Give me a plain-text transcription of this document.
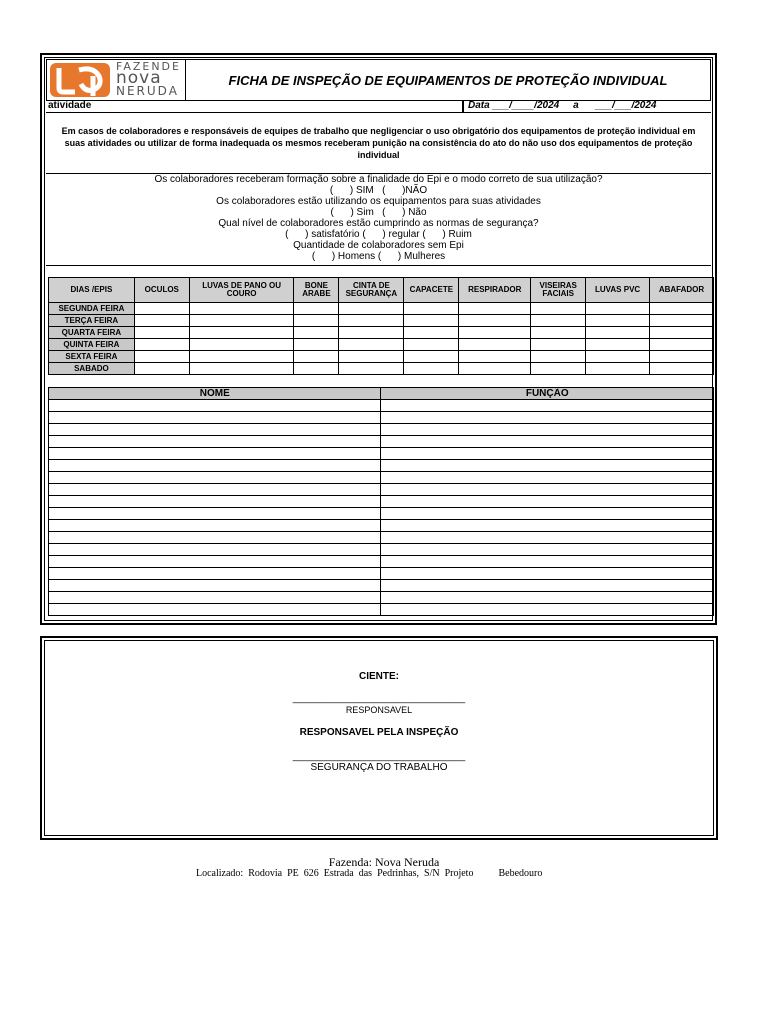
FAZENDE
nova
NERUDA
FICHA DE INSPEÇÃO DE EQUIPAMENTOS DE PROTEÇÃO INDIVIDUAL
atividade	Data ___/____/2024     a      ___/___/2024
Em casos de colaboradores e responsáveis de equipes de trabalho que negligenciar o uso obrigatório dos equipamentos de proteção individual em suas atividades ou utilizar de forma inadequada os mesmos receberam punição na consistência do ato do não uso dos equipamentos de proteção individual
Os colaboradores receberam formação sobre a finalidade do Epi e o modo correto de sua utilização?
(      ) SIM   (      )NÃO
Os colaboradores estão utilizando os equipamentos para suas atividades
(      ) Sim   (      ) Não
Qual nível de colaboradores estão cumprindo as normas de segurança?
(      ) satisfatório (      ) regular (      ) Ruim
Quantidade de colaboradores sem Epi
(      ) Homens (      ) Mulheres
DIAS /EPIS	OCULOS	LUVAS DE PANO OU COURO	BONE ARABE	CINTA DE SEGURANÇA	CAPACETE	RESPIRADOR	VISEIRAS FACIAIS	LUVAS PVC	ABAFADOR
SEGUNDA FEIRA									
TERÇA FEIRA									
QUARTA FEIRA									
QUINTA FEIRA									
SEXTA FEIRA									
SABADO									
NOME	FUNÇÃO

CIENTE:
_______________________________
RESPONSAVEL
RESPONSAVEL PELA INSPEÇÃO
_______________________________
SEGURANÇA DO TRABALHO
Fazenda: Nova Neruda
Localizado:  Rodovia  PE  626  Estrada  das  Pedrinhas,  S/N  Projeto          Bebedouro
